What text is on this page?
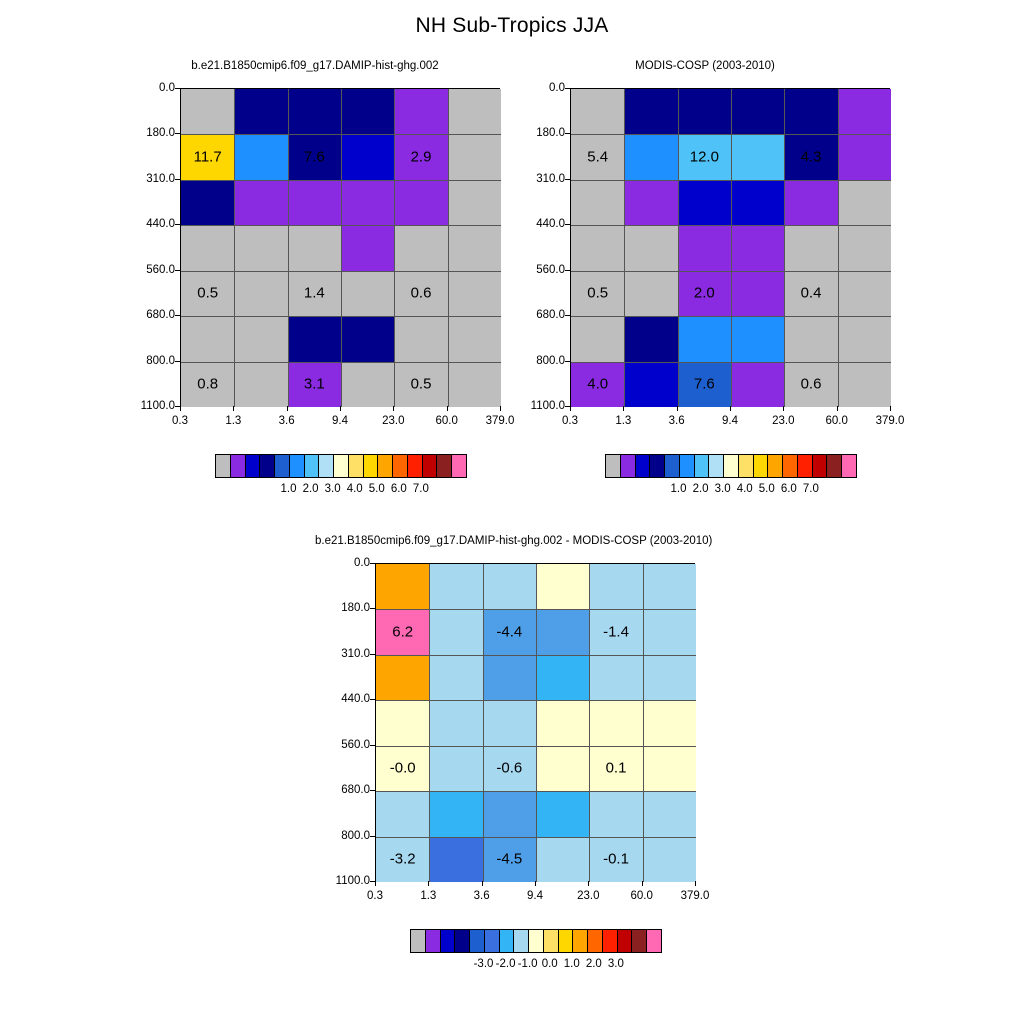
NH Sub-Tropics JJA
b.e21.B1850cmip6.f09_g17.DAMIP-hist-ghg.002
11.7	7.6	2.9
0.5	1.4	0.6
0.8	3.1	0.5
0.0
180.0
310.0
440.0
560.0
680.0
800.0
1100.0
0.3	1.3	3.6	9.4	23.0	60.0 379.0
1.0 2.0 3.0 4.0 5.0 6.0 7.0
MODIS-COSP (2003-2010)
5.4	12.0	4.3
0.5	2.0	0.4
4.0	7.6	0.6
0.0
180.0
310.0
440.0
560.0
680.0
800.0
1100.0
0.3	1.3	3.6	9.4	23.0	60.0 379.0
1.0 2.0 3.0 4.0 5.0 6.0 7.0
b.e21.B1850cmip6.f09_g17.DAMIP-hist-ghg.002 - MODIS-COSP (2003-2010)
6.2	-4.4	-1.4
-0.0	-0.6	0.1
-3.2	-4.5	-0.1
0.0
180.0
310.0
440.0
560.0
680.0
800.0
1100.0
0.3	1.3	3.6	9.4	23.0	60.0 379.0
-3.0 -2.0 -1.0 0.0 1.0 2.0 3.0
